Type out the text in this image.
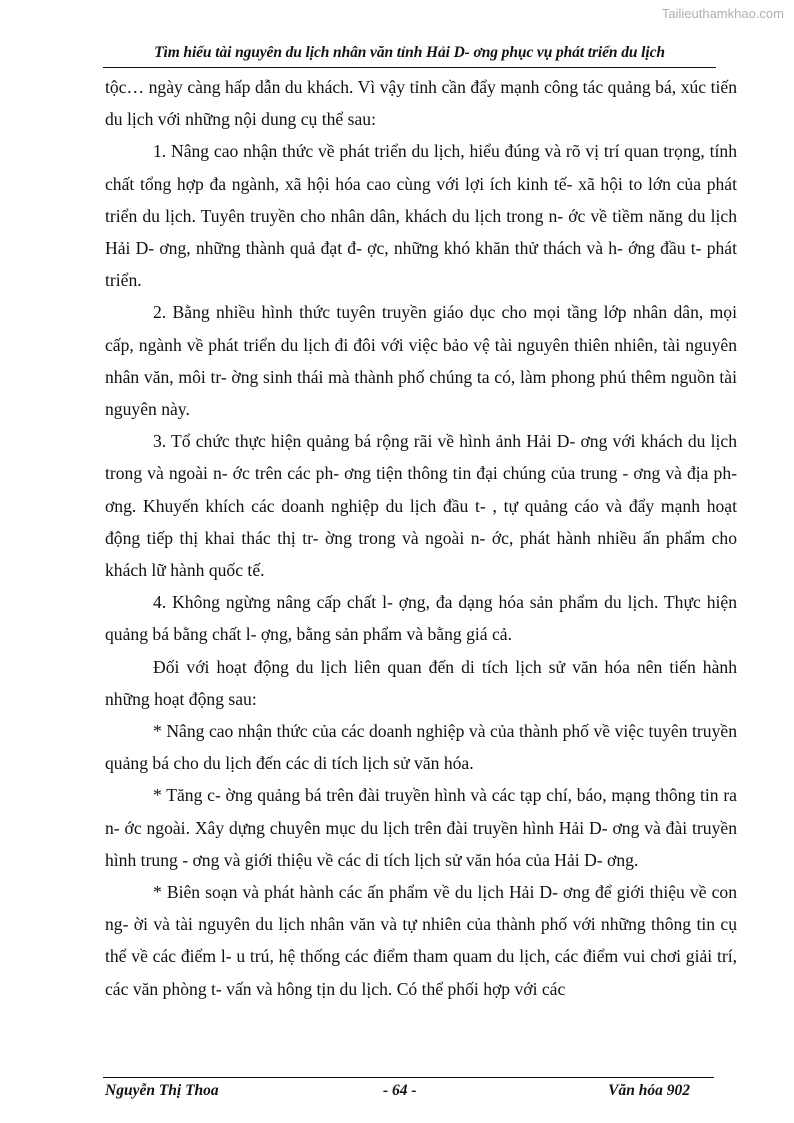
Tailieuthamkhao.com
Tìm hiểu tài nguyên du lịch nhân văn tỉnh Hải D- ơng phục vụ phát triển du lịch

tộc… ngày càng hấp dẫn du khách. Vì vậy tỉnh cần đẩy mạnh công tác quảng bá, xúc tiến du lịch với những nội dung cụ thể sau:

1. Nâng cao nhận thức về phát triển du lịch, hiểu đúng và rõ vị trí quan trọng, tính chất tổng hợp đa ngành, xã hội hóa cao cùng với lợi ích kinh tế- xã hội to lớn của phát triển du lịch. Tuyên truyền cho nhân dân, khách du lịch trong n- ớc về tiềm năng du lịch Hải D- ơng, những thành quả đạt đ- ợc, những khó khăn thử thách và h- ớng đầu t- phát triển.

2. Bằng nhiều hình thức tuyên truyền giáo dục cho mọi tầng lớp nhân dân, mọi cấp, ngành về phát triển du lịch đi đôi với việc bảo vệ tài nguyên thiên nhiên, tài nguyên nhân văn, môi tr- ờng sinh thái mà thành phố chúng ta có, làm phong phú thêm nguồn tài nguyên này.

3. Tổ chức thực hiện quảng bá rộng rãi về hình ảnh Hải D- ơng với khách du lịch trong và ngoài n- ớc trên các ph- ơng tiện thông tin đại chúng của trung - ơng và địa ph- ơng. Khuyến khích các doanh nghiệp du lịch đầu t- , tự quảng cáo và đẩy mạnh hoạt động tiếp thị khai thác thị tr- ờng trong và ngoài n- ớc, phát hành nhiều ấn phẩm cho khách lữ hành quốc tế.

4. Không ngừng nâng cấp chất l- ợng, đa dạng hóa sản phẩm du lịch. Thực hiện quảng bá bằng chất l- ợng, bằng sản phẩm và bằng giá cả.

Đối với hoạt động du lịch liên quan đến di tích lịch sử văn hóa nên tiến hành những hoạt động sau:

* Nâng cao nhận thức của các doanh nghiệp và của thành phố về việc tuyên truyền quảng bá cho du lịch đến các di tích lịch sử văn hóa.

* Tăng c- ờng quảng bá trên đài truyền hình và các tạp chí, báo, mạng thông tin ra n- ớc ngoài. Xây dựng chuyên mục du lịch trên đài truyền hình Hải D- ơng và đài truyền hình trung - ơng và giới thiệu về các di tích lịch sử văn hóa của Hải D- ơng.

* Biên soạn và phát hành các ấn phẩm về du lịch Hải D- ơng để giới thiệu về con ng- ời và tài nguyên du lịch nhân văn và tự nhiên của thành phố với những thông tin cụ thể về các điểm l- u trú, hệ thống các điểm tham quam du lịch, các điểm vui chơi giải trí, các văn phòng t- vấn và hông tịn du lịch. Có thể phối hợp với các

Nguyễn Thị Thoa	- 64 -	Văn hóa 902
